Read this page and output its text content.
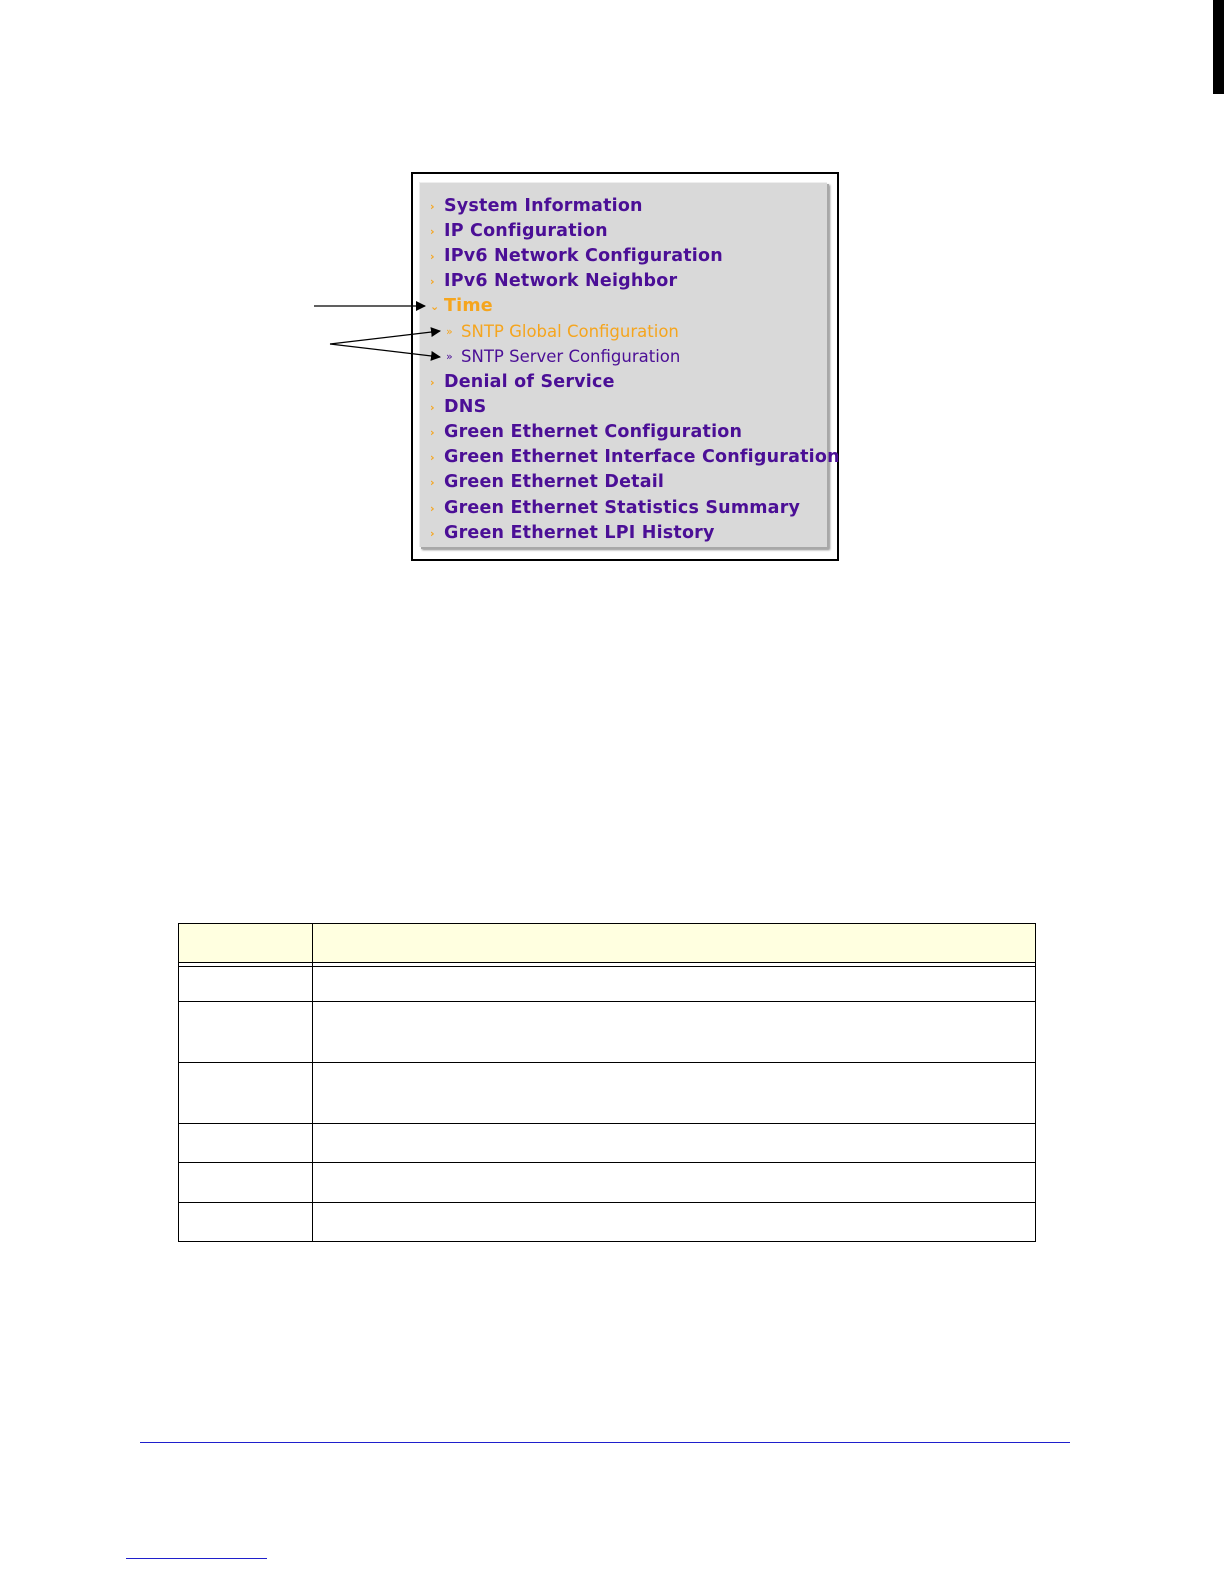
› System Information
› IP Configuration
› IPv6 Network Configuration
› IPv6 Network Neighbor
⌄ Time
» SNTP Global Configuration
» SNTP Server Configuration
› Denial of Service
› DNS
› Green Ethernet Configuration
› Green Ethernet Interface Configuration
› Green Ethernet Detail
› Green Ethernet Statistics Summary
› Green Ethernet LPI History
